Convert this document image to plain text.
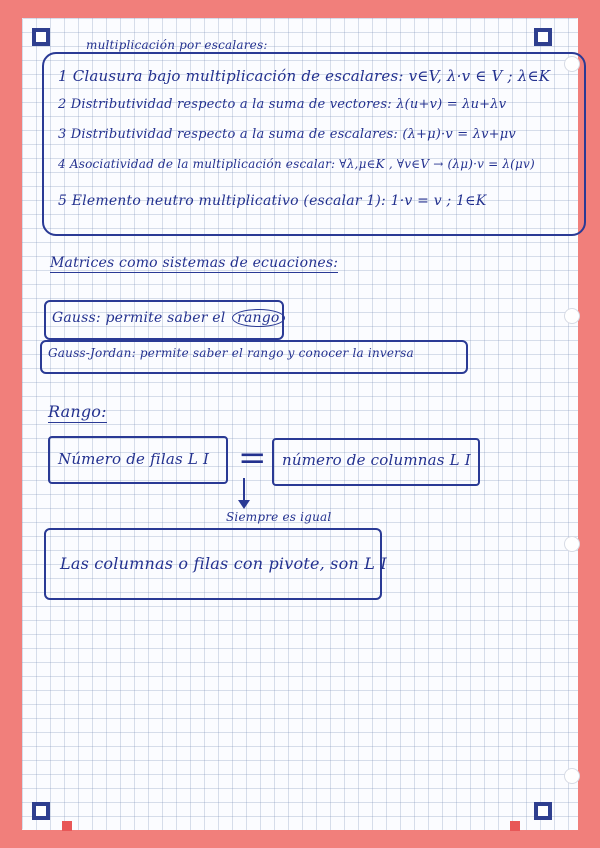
multiplicación por escalares:
1 Clausura bajo multiplicación de escalares: v∈V, λ·v ∈ V ; λ∈K
2 Distributividad respecto a la suma de vectores: λ(u+v) = λu+λv
3 Distributividad respecto a la suma de escalares: (λ+μ)·v = λv+μv
4 Asociatividad de la multiplicación escalar: ∀λ,μ∈K , ∀v∈V → (λμ)·v = λ(μv)
5 Elemento neutro multiplicativo (escalar 1): 1·v = v ; 1∈K
Matrices como sistemas de ecuaciones:
Gauss: permite saber el rango
Gauss-Jordan: permite saber el rango y conocer la inversa
Rango:
Número de filas L I = número de columnas L I
Siempre es igual
Las columnas o filas con pivote, son L I
